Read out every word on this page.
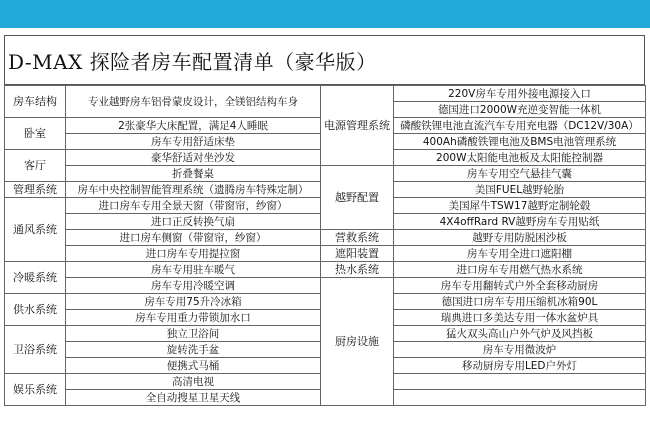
D-MAX 探险者房车配置清单（豪华版）
房车结构	专业越野房车铝骨蒙皮设计，全镁铝结构车身	电源管理系统	220V房车专用外接电源接入口
			德国进口2000W充逆变智能一体机
卧室	2张豪华大床配置，满足4人睡眠		磷酸铁锂电池直流汽车专用充电器（DC12V/30A）
	房车专用舒适床垫		400Ah磷酸铁锂电池及BMS电池管理系统
客厅	豪华舒适对坐沙发		200W太阳能电池板及太阳能控制器
	折叠餐桌	越野配置	房车专用空气悬挂气囊
管理系统	房车中央控制智能管理系统（遗腾房车特殊定制）		美国FUEL越野轮胎
通风系统	进口房车专用全景天窗（带窗帘，纱窗）		美国犀牛TSW17越野定制轮毂
	进口正反转换气扇		4X4offRard RV越野房车专用贴纸
	进口房车侧窗（带窗帘，纱窗）	营救系统	越野专用防脱困沙板
	进口房车专用提拉窗	遮阳装置	房车专用全进口遮阳棚
冷暖系统	房车专用驻车暖气	热水系统	进口房车专用燃气热水系统
	房车专用冷暖空调	厨房设施	房车专用翻转式户外全套移动厨房
供水系统	房车专用75升冷冰箱		德国进口房车专用压缩机冰箱90L
	房车专用重力带锁加水口		瑞典进口多美达专用一体水盆炉具
卫浴系统	独立卫浴间		猛火双头高山户外气炉及风挡板
	旋转洗手盆		房车专用微波炉
	便携式马桶		移动厨房专用LED户外灯
娱乐系统	高清电视		
	全自动搜星卫星天线		
